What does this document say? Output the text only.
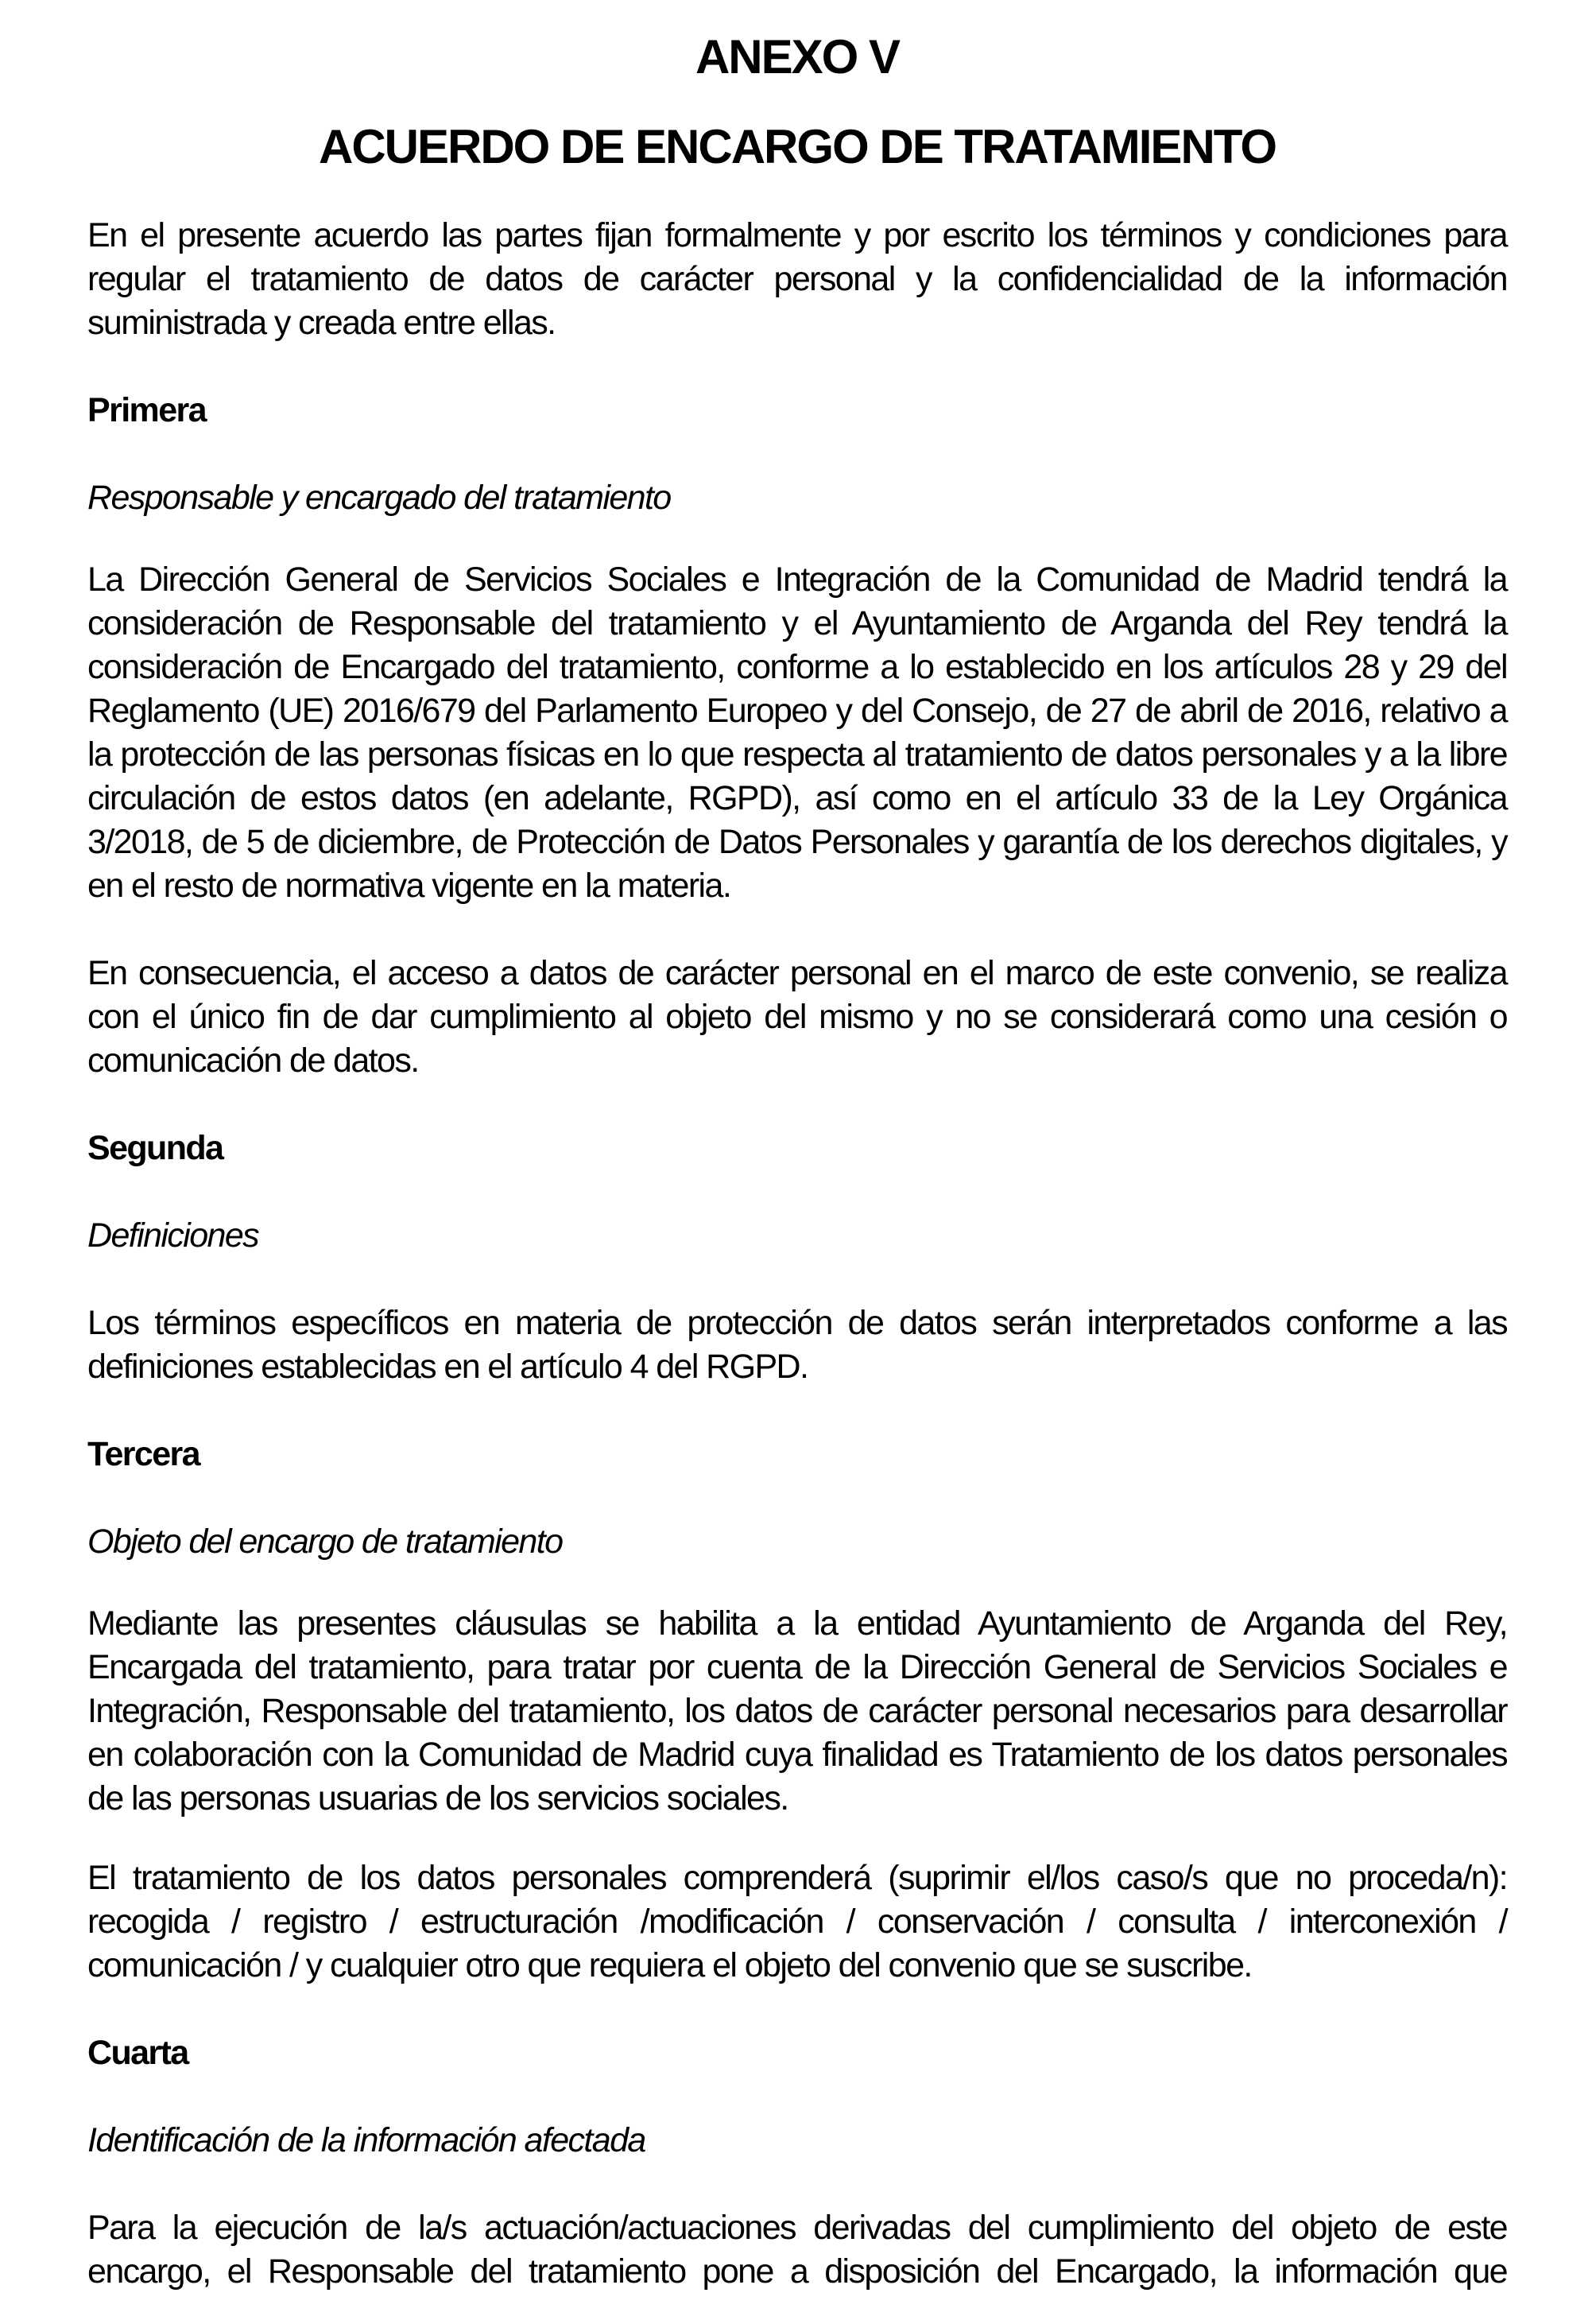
ANEXO V
ACUERDO DE ENCARGO DE TRATAMIENTO

En el presente acuerdo las partes fijan formalmente y por escrito los términos y condiciones para regular el tratamiento de datos de carácter personal y la confidencialidad de la información suministrada y creada entre ellas.

Primera

Responsable y encargado del tratamiento

La Dirección General de Servicios Sociales e Integración de la Comunidad de Madrid tendrá la consideración de Responsable del tratamiento y el Ayuntamiento de Arganda del Rey tendrá la consideración de Encargado del tratamiento, conforme a lo establecido en los artículos 28 y 29 del Reglamento (UE) 2016/679 del Parlamento Europeo y del Consejo, de 27 de abril de 2016, relativo a la protección de las personas físicas en lo que respecta al tratamiento de datos personales y a la libre circulación de estos datos (en adelante, RGPD), así como en el artículo 33 de la Ley Orgánica 3/2018, de 5 de diciembre, de Protección de Datos Personales y garantía de los derechos digitales, y en el resto de normativa vigente en la materia.

En consecuencia, el acceso a datos de carácter personal en el marco de este convenio, se realiza con el único fin de dar cumplimiento al objeto del mismo y no se considerará como una cesión o comunicación de datos.

Segunda

Definiciones

Los términos específicos en materia de protección de datos serán interpretados conforme a las definiciones establecidas en el artículo 4 del RGPD.

Tercera

Objeto del encargo de tratamiento

Mediante las presentes cláusulas se habilita a la entidad Ayuntamiento de Arganda del Rey, Encargada del tratamiento, para tratar por cuenta de la Dirección General de Servicios Sociales e Integración, Responsable del tratamiento, los datos de carácter personal necesarios para desarrollar en colaboración con la Comunidad de Madrid cuya finalidad es Tratamiento de los datos personales de las personas usuarias de los servicios sociales.

El tratamiento de los datos personales comprenderá (suprimir el/los caso/s que no proceda/n): recogida / registro / estructuración /modificación / conservación / consulta / interconexión / comunicación / y cualquier otro que requiera el objeto del convenio que se suscribe.

Cuarta

Identificación de la información afectada

Para la ejecución de la/s actuación/actuaciones derivadas del cumplimiento del objeto de este encargo, el Responsable del tratamiento pone a disposición del Encargado, la información que
